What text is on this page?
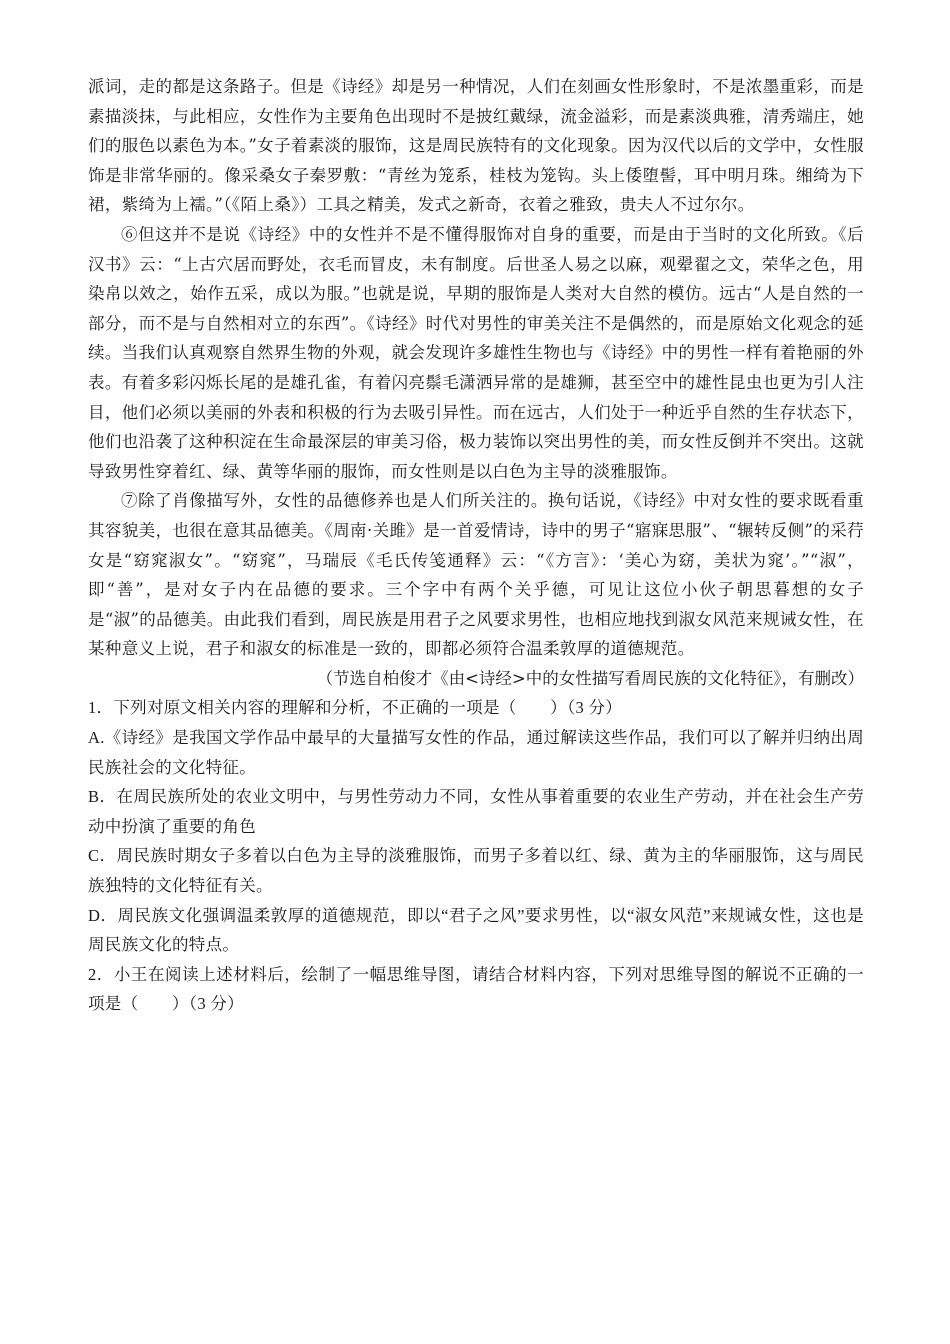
派词，走的都是这条路子。但是《诗经》却是另一种情况，人们在刻画女性形象时，不是浓墨重彩，而是素描淡抹，与此相应，女性作为主要角色出现时不是披红戴绿，流金溢彩，而是素淡典雅，清秀端庄，她们的服色以素色为本。”女子着素淡的服饰，这是周民族特有的文化现象。因为汉代以后的文学中，女性服饰是非常华丽的。像采桑女子秦罗敷：“青丝为笼系，桂枝为笼钩。头上倭堕髻，耳中明月珠。缃绮为下裙，紫绮为上襦。”（《陌上桑》）工具之精美，发式之新奇，衣着之雅致，贵夫人不过尔尔。

⑥但这并不是说《诗经》中的女性并不是不懂得服饰对自身的重要，而是由于当时的文化所致。《后汉书》云：“上古穴居而野处，衣毛而冒皮，未有制度。后世圣人易之以麻，观翚翟之文，荣华之色，用染帛以效之，始作五采，成以为服。”也就是说，早期的服饰是人类对大自然的模仿。远古“人是自然的一部分，而不是与自然相对立的东西”。《诗经》时代对男性的审美关注不是偶然的，而是原始文化观念的延续。当我们认真观察自然界生物的外观，就会发现许多雄性生物也与《诗经》中的男性一样有着艳丽的外表。有着多彩闪烁长尾的是雄孔雀，有着闪亮鬃毛潇洒异常的是雄狮，甚至空中的雄性昆虫也更为引人注目，他们必须以美丽的外表和积极的行为去吸引异性。而在远古，人们处于一种近乎自然的生存状态下，他们也沿袭了这种积淀在生命最深层的审美习俗，极力装饰以突出男性的美，而女性反倒并不突出。这就导致男性穿着红、绿、黄等华丽的服饰，而女性则是以白色为主导的淡雅服饰。

⑦除了肖像描写外，女性的品德修养也是人们所关注的。换句话说，《诗经》中对女性的要求既看重其容貌美，也很在意其品德美。《周南·关雎》是一首爱情诗，诗中的男子“寤寐思服”、“辗转反侧”的采荇女是“窈窕淑女”。“窈窕”，马瑞辰《毛氏传笺通释》云：“《方言》：‘美心为窈，美状为窕’。”“淑”，即“善”，是对女子内在品德的要求。三个字中有两个关乎德，可见让这位小伙子朝思暮想的女子是“淑”的品德美。由此我们看到，周民族是用君子之风要求男性，也相应地找到淑女风范来规诫女性，在某种意义上说，君子和淑女的标准是一致的，即都必须符合温柔敦厚的道德规范。

（节选自柏俊才《由<诗经>中的女性描写看周民族的文化特征》，有删改）

1．下列对原文相关内容的理解和分析，不正确的一项是（　　）（3 分）

A.《诗经》是我国文学作品中最早的大量描写女性的作品，通过解读这些作品，我们可以了解并归纳出周民族社会的文化特征。

B．在周民族所处的农业文明中，与男性劳动力不同，女性从事着重要的农业生产劳动，并在社会生产劳动中扮演了重要的角色

C．周民族时期女子多着以白色为主导的淡雅服饰，而男子多着以红、绿、黄为主的华丽服饰，这与周民族独特的文化特征有关。

D．周民族文化强调温柔敦厚的道德规范，即以“君子之风”要求男性，以“淑女风范”来规诫女性，这也是周民族文化的特点。

2．小王在阅读上述材料后，绘制了一幅思维导图，请结合材料内容，下列对思维导图的解说不正确的一项是（　　）（3 分）
